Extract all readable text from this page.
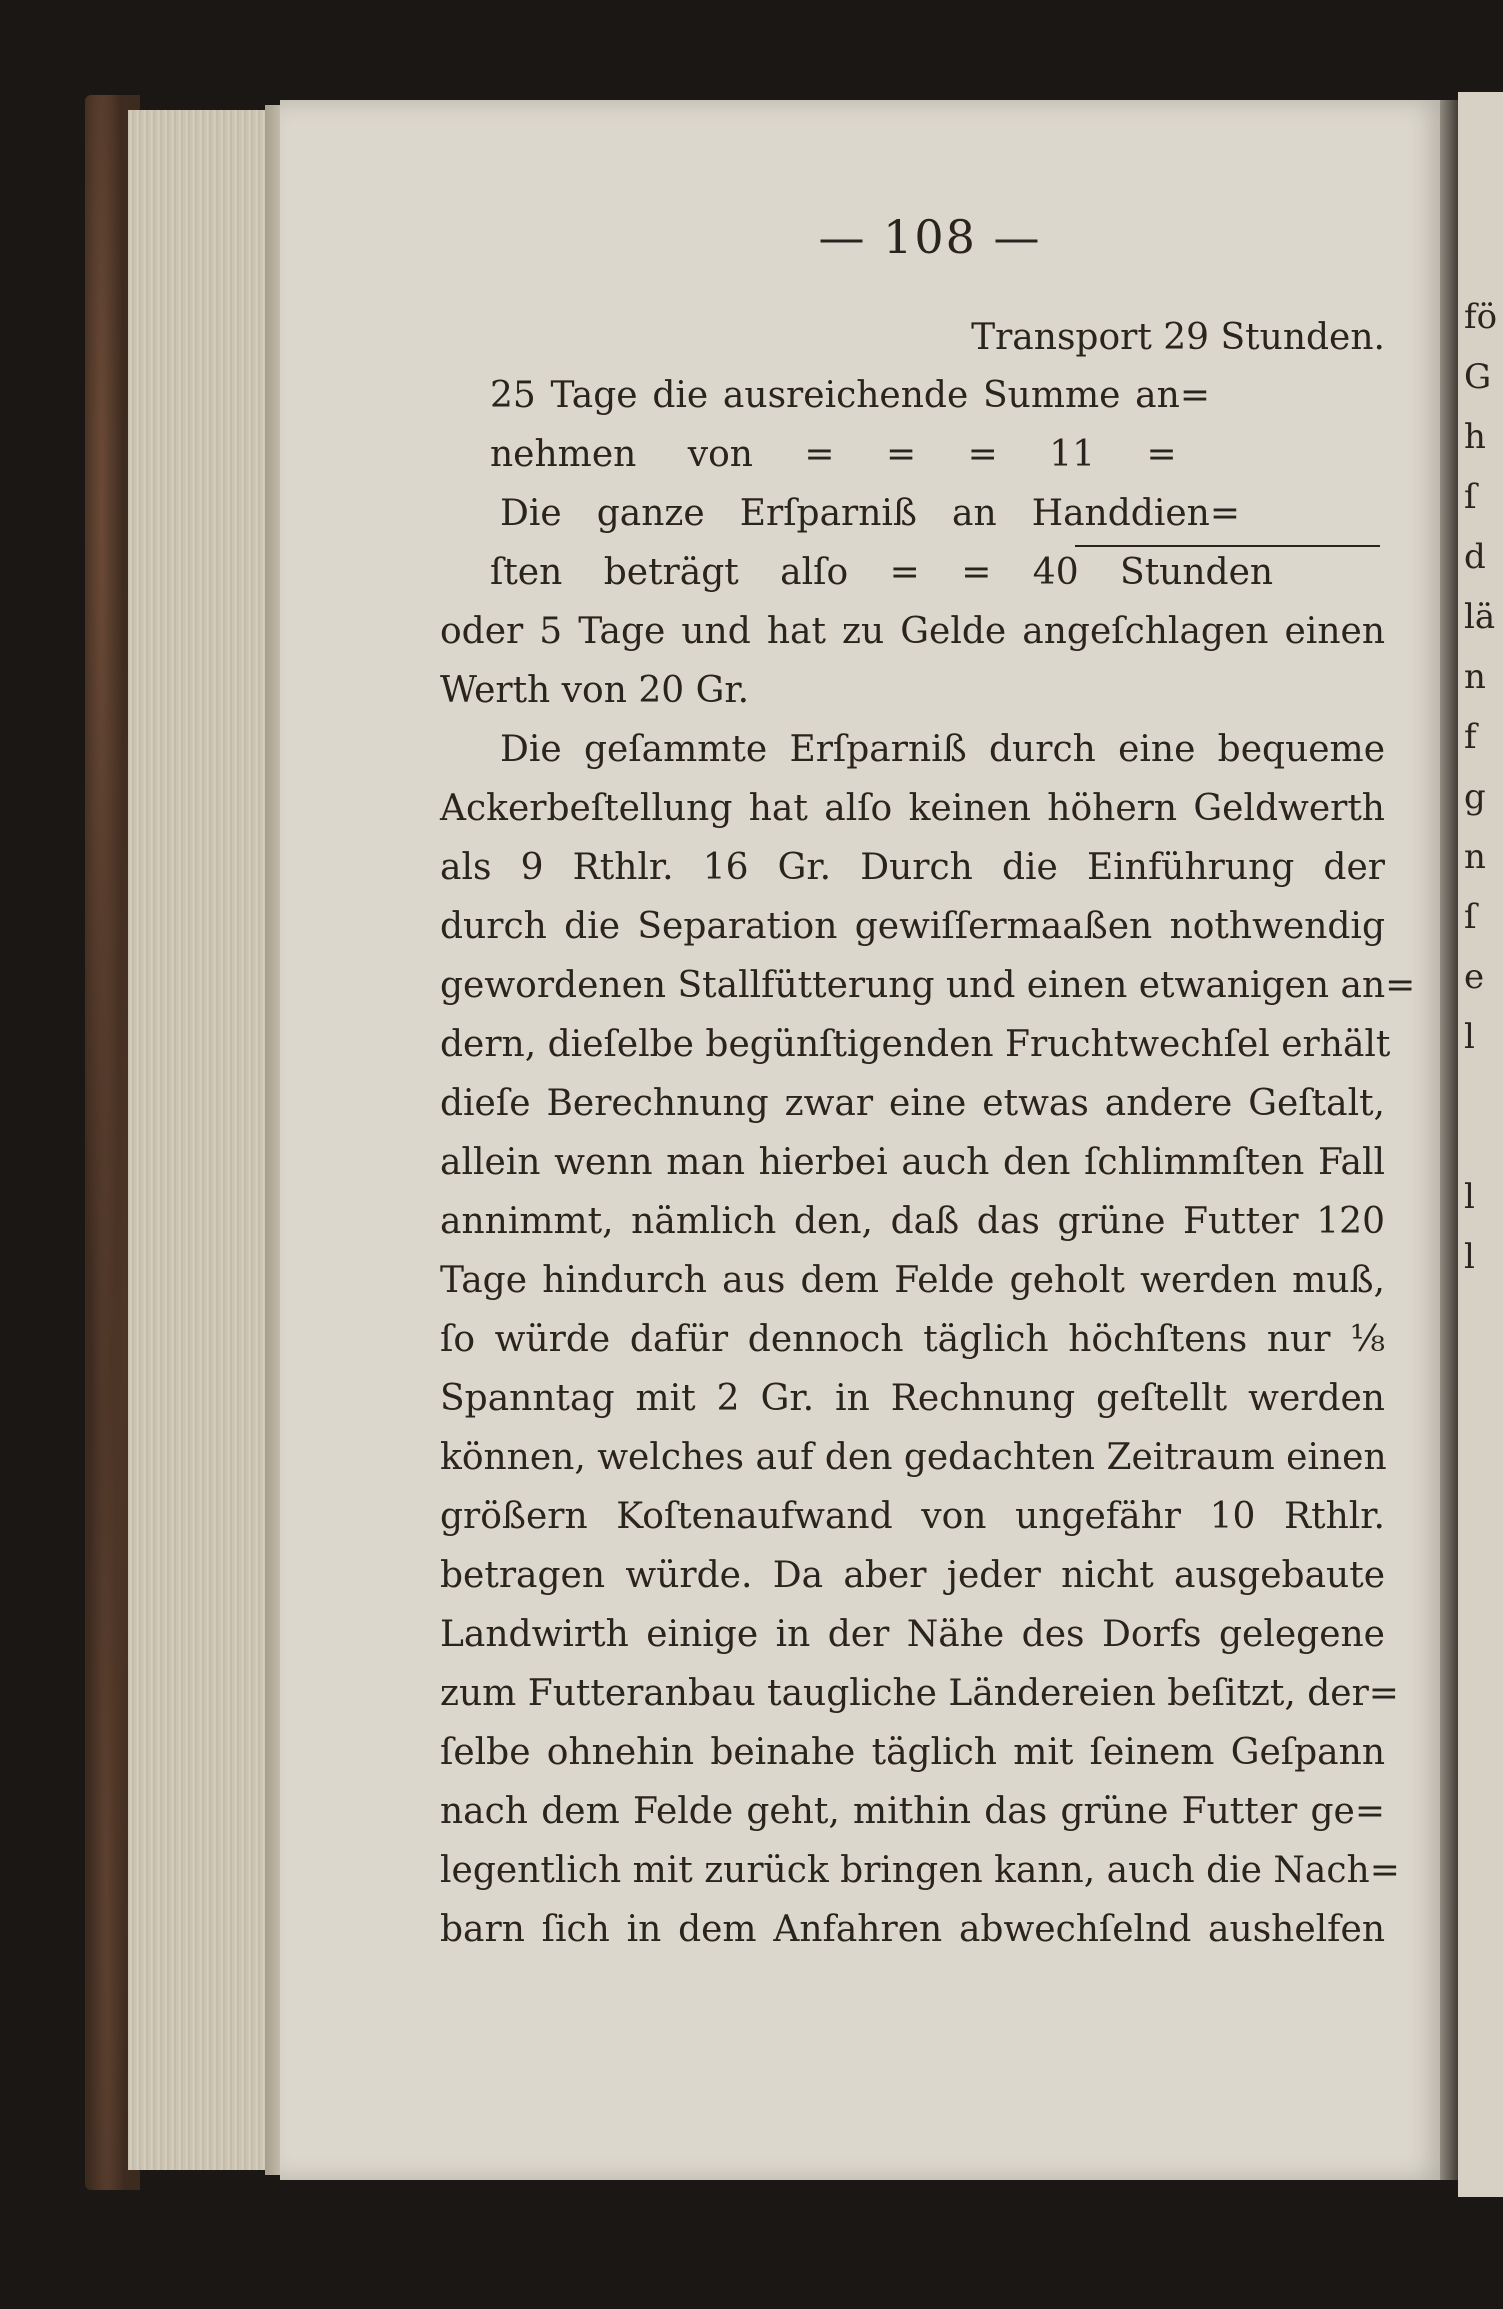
fö
G
h
ſ
d
lä
n
f
g
n
ſ
e
l
l
l
— 108 —
Transport 29 Stunden.
25 Tage die ausreichende Summe an=
nehmen von = = = 11 =
Die ganze Erſparniß an Handdien=
ſten beträgt alſo = = 40 Stunden
oder 5 Tage und hat zu Gelde angeſchlagen einen
Werth von 20 Gr.
Die geſammte Erſparniß durch eine bequeme
Ackerbeſtellung hat alſo keinen höhern Geldwerth
als 9 Rthlr. 16 Gr. Durch die Einführung der
durch die Separation gewiſſermaaßen nothwendig
gewordenen Stallfütterung und einen etwanigen an=
dern, dieſelbe begünſtigenden Fruchtwechſel erhält
dieſe Berechnung zwar eine etwas andere Geſtalt,
allein wenn man hierbei auch den ſchlimmſten Fall
annimmt, nämlich den, daß das grüne Futter 120
Tage hindurch aus dem Felde geholt werden muß,
ſo würde dafür dennoch täglich höchſtens nur ⅛
Spanntag mit 2 Gr. in Rechnung geſtellt werden
können, welches auf den gedachten Zeitraum einen
größern Koſtenaufwand von ungefähr 10 Rthlr.
betragen würde. Da aber jeder nicht ausgebaute
Landwirth einige in der Nähe des Dorfs gelegene
zum Futteranbau taugliche Ländereien beſitzt, der=
ſelbe ohnehin beinahe täglich mit ſeinem Geſpann
nach dem Felde geht, mithin das grüne Futter ge=
legentlich mit zurück bringen kann, auch die Nach=
barn ſich in dem Anfahren abwechſelnd aushelfen
